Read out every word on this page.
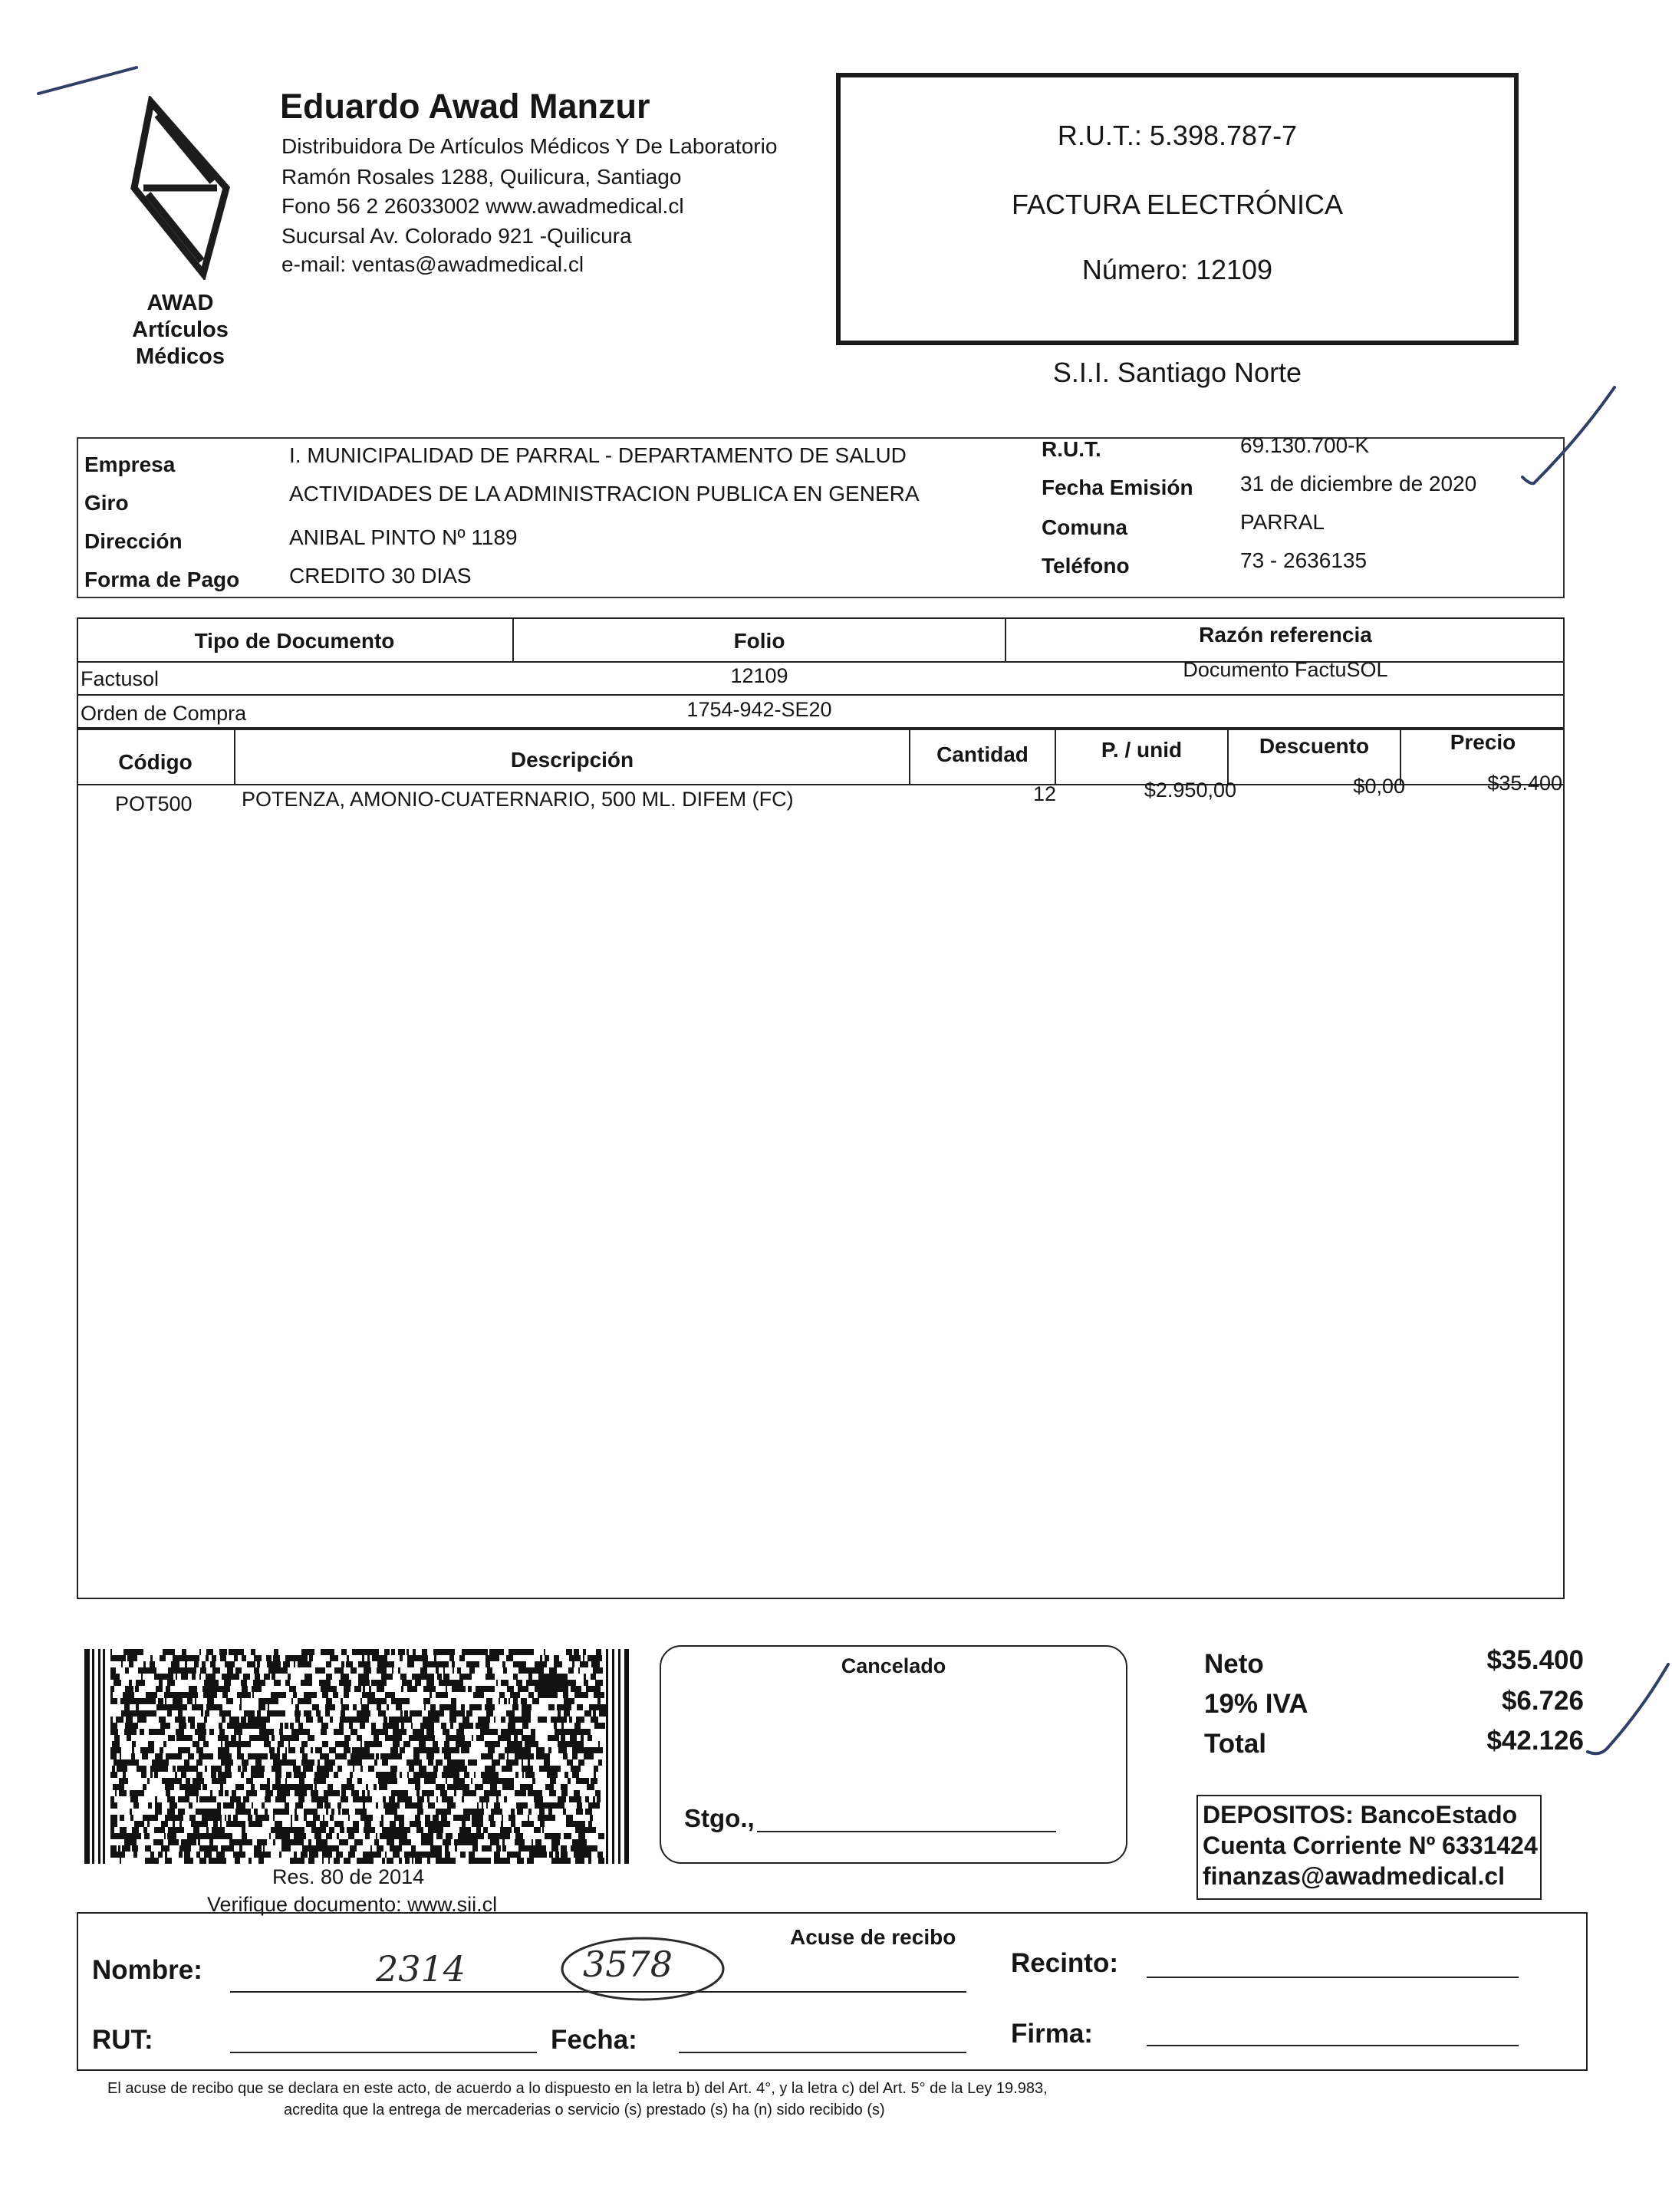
AWAD
Artículos Médicos
Eduardo Awad Manzur
Distribuidora De Artículos Médicos Y De Laboratorio
Ramón Rosales 1288, Quilicura, Santiago
Fono 56 2 26033002 www.awadmedical.cl
Sucursal Av. Colorado 921 -Quilicura
e-mail: ventas@awadmedical.cl
R.U.T.: 5.398.787-7
FACTURA ELECTRÓNICA
Número: 12109
S.I.I. Santiago Norte
Empresa	I. MUNICIPALIDAD DE PARRAL - DEPARTAMENTO DE SALUD
Giro	ACTIVIDADES DE LA ADMINISTRACION PUBLICA EN GENERA
Dirección	ANIBAL PINTO Nº 1189
Forma de Pago CREDITO 30 DIAS
R.U.T.	69.130.700-K
Fecha Emisión 31 de diciembre de 2020
Comuna	PARRAL
Teléfono	73 - 2636135
Tipo de Documento	Folio	Razón referencia
Factusol	12109	Documento FactuSOL
Orden de Compra	1754-942-SE20
Código	Descripción	Cantidad	P. / unid	Descuento	Precio
POT500 POTENZA, AMONIO-CUATERNARIO, 500 ML. DIFEM (FC)	12	$2.950,00	$0,00	$35.400
Res. 80 de 2014
Verifique documento: www.sii.cl
Cancelado
Stgo.,
Neto	$35.400
19% IVA	$6.726
Total	$42.126
DEPOSITOS: BancoEstado
Cuenta Corriente Nº 6331424
finanzas@awadmedical.cl
Acuse de recibo
Nombre:	2314	3578	Recinto:
RUT:	Fecha:	Firma:
El acuse de recibo que se declara en este acto, de acuerdo a lo dispuesto en la letra b) del Art. 4°, y la letra c) del Art. 5° de la Ley 19.983,
acredita que la entrega de mercaderias o servicio (s) prestado (s) ha (n) sido recibido (s)
